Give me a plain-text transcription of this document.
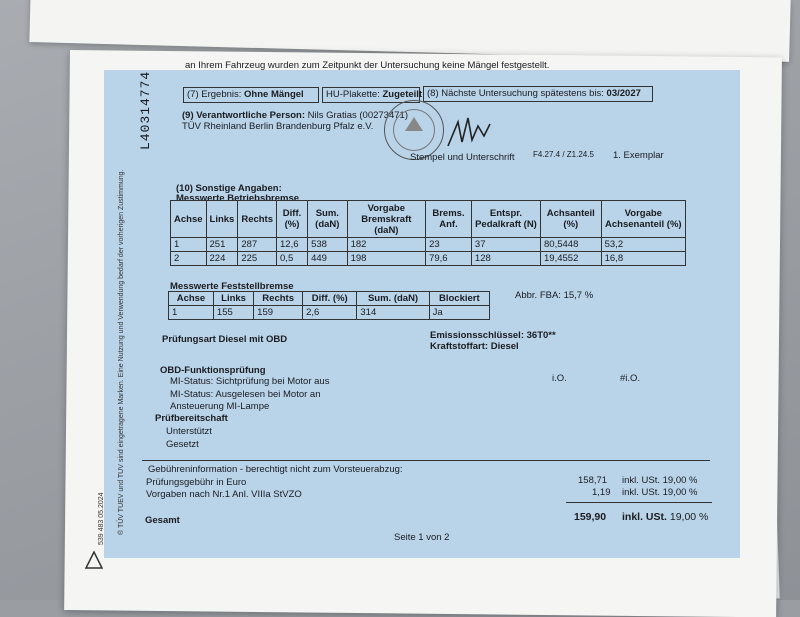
an Ihrem Fahrzeug wurden zum Zeitpunkt der Untersuchung keine Mängel festgestellt.
L40314774
® TÜV TUEV und TUV sind eingetragene Marken. Eine Nutzung und Verwendung bedarf der vorherigen Zustimmung.
539 483 05.2024
(7) Ergebnis: Ohne Mängel HU-Plakette: Zugeteilt (8) Nächste Untersuchung spätestens bis: 03/2027
(9) Verantwortliche Person: Nils Gratias (00273471)
TÜV Rheinland Berlin Brandenburg Pfalz e.V.
Stempel und Unterschrift F4.27.4 / Z1.24.5 1. Exemplar
(10) Sonstige Angaben:
Messwerte Betriebsbremse
Achse	Links	Rechts	Diff. (%)	Sum. (daN)	Vorgabe Bremskraft (daN)	Brems. Anf.	Entspr. Pedalkraft (N)	Achsanteil (%)	Vorgabe Achsenanteil (%)
1	251	287	12,6	538	182	23	37	80,5448	53,2
2	224	225	0,5	449	198	79,6	128	19,4552	16,8
Messwerte Feststellbremse
Achse	Links	Rechts	Diff. (%)	Sum. (daN)	Blockiert
1	155	159	2,6	314	Ja
Abbr. FBA: 15,7 %
Prüfungsart Diesel mit OBD	Emissionsschlüssel: 36T0**
Kraftstoffart: Diesel
OBD-Funktionsprüfung
MI-Status: Sichtprüfung bei Motor aus	i.O.
MI-Status: Ausgelesen bei Motor an
#i.O.
Ansteuerung MI-Lampe
Prüfbereitschaft
Unterstützt
Gesetzt
Gebühreninformation - berechtigt nicht zum Vorsteuerabzug:
Prüfungsgebühr in Euro	158,71 inkl. USt. 19,00 %
Vorgaben nach Nr.1 Anl. VIIIa StVZO	1,19 inkl. USt. 19,00 %
Gesamt	159,90 inkl. USt. 19,00 %
Seite 1 von 2
